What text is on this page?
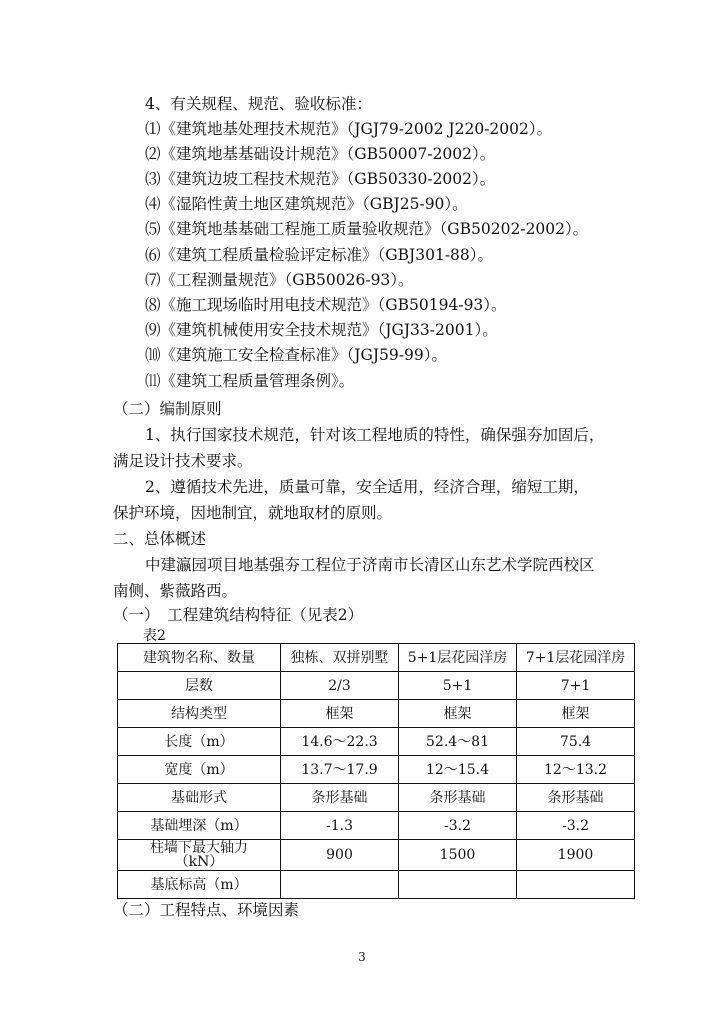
4、有关规程、规范、验收标准：
⑴《建筑地基处理技术规范》（JGJ79-2002 J220-2002）。
⑵《建筑地基基础设计规范》（GB50007-2002）。
⑶《建筑边坡工程技术规范》（GB50330-2002）。
⑷《湿陷性黄土地区建筑规范》（GBJ25-90）。
⑸《建筑地基基础工程施工质量验收规范》（GB50202-2002）。
⑹《建筑工程质量检验评定标准》（GBJ301-88）。
⑺《工程测量规范》（GB50026-93）。
⑻《施工现场临时用电技术规范》（GB50194-93）。
⑼《建筑机械使用安全技术规范》（JGJ33-2001）。
⑽《建筑施工安全检查标准》（JGJ59-99）。
⑾《建筑工程质量管理条例》。
（二）编制原则
1、执行国家技术规范，针对该工程地质的特性，确保强夯加固后，
满足设计技术要求。
2、遵循技术先进，质量可靠，安全适用，经济合理，缩短工期，
保护环境，因地制宜，就地取材的原则。
二、总体概述
中建瀛园项目地基强夯工程位于济南市长清区山东艺术学院西校区
南侧、紫薇路西。
（一）　工程建筑结构特征（见表2）
表2
建筑物名称、数量	独栋、双拼别墅	5+1层花园洋房	7+1层花园洋房
层数	2/3	5+1	7+1
结构类型	框架	框架	框架
长度（m）	14.6～22.3	52.4～81	75.4
宽度（m）	13.7～17.9	12～15.4	12～13.2
基础形式	条形基础	条形基础	条形基础
基础埋深（m）	-1.3	-3.2	-3.2
柱墙下最大轴力（kN）	900	1500	1900
基底标高（m）			
（二）工程特点、环境因素
3
